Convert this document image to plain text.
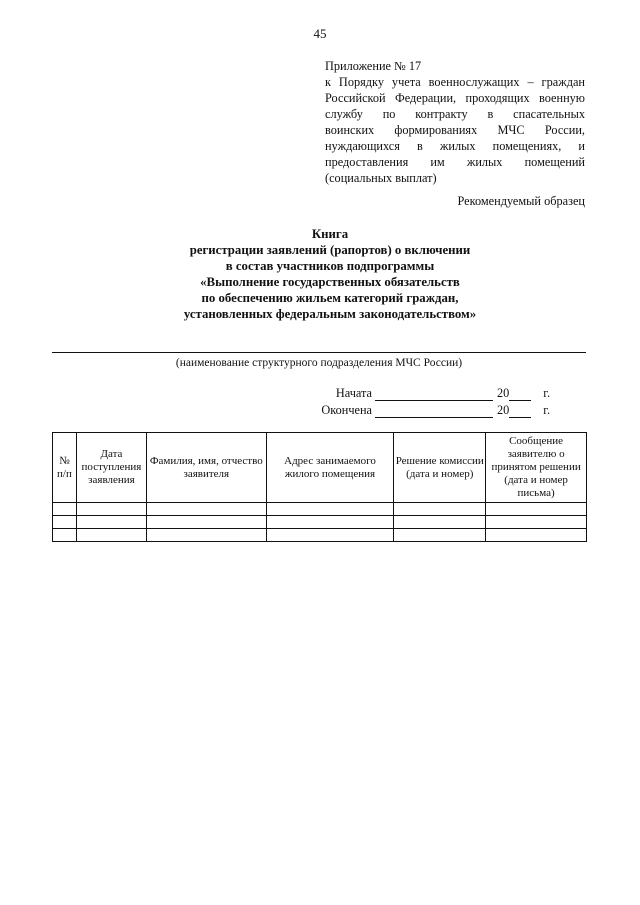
45
Приложение № 17
к Порядку учета военнослужащих – граждан
Российской Федерации, проходящих военную
службу по контракту в спасательных
воинских формированиях МЧС России,
нуждающихся в жилых помещениях, и
предоставления им жилых помещений
(социальных выплат)
Рекомендуемый образец
Книга
регистрации заявлений (рапортов) о включении
в состав участников подпрограммы
«Выполнение государственных обязательств
по обеспечению жильем категорий граждан,
установленных федеральным законодательством»
(наименование структурного подразделения МЧС России)
Начата	20	г.
Окончена	20	г.
№ п/п	Дата поступления заявления	Фамилия, имя, отчество заявителя	Адрес занимаемого жилого помещения	Решение комиссии (дата и номер)	Сообщение заявителю о принятом решении (дата и номер письма)
